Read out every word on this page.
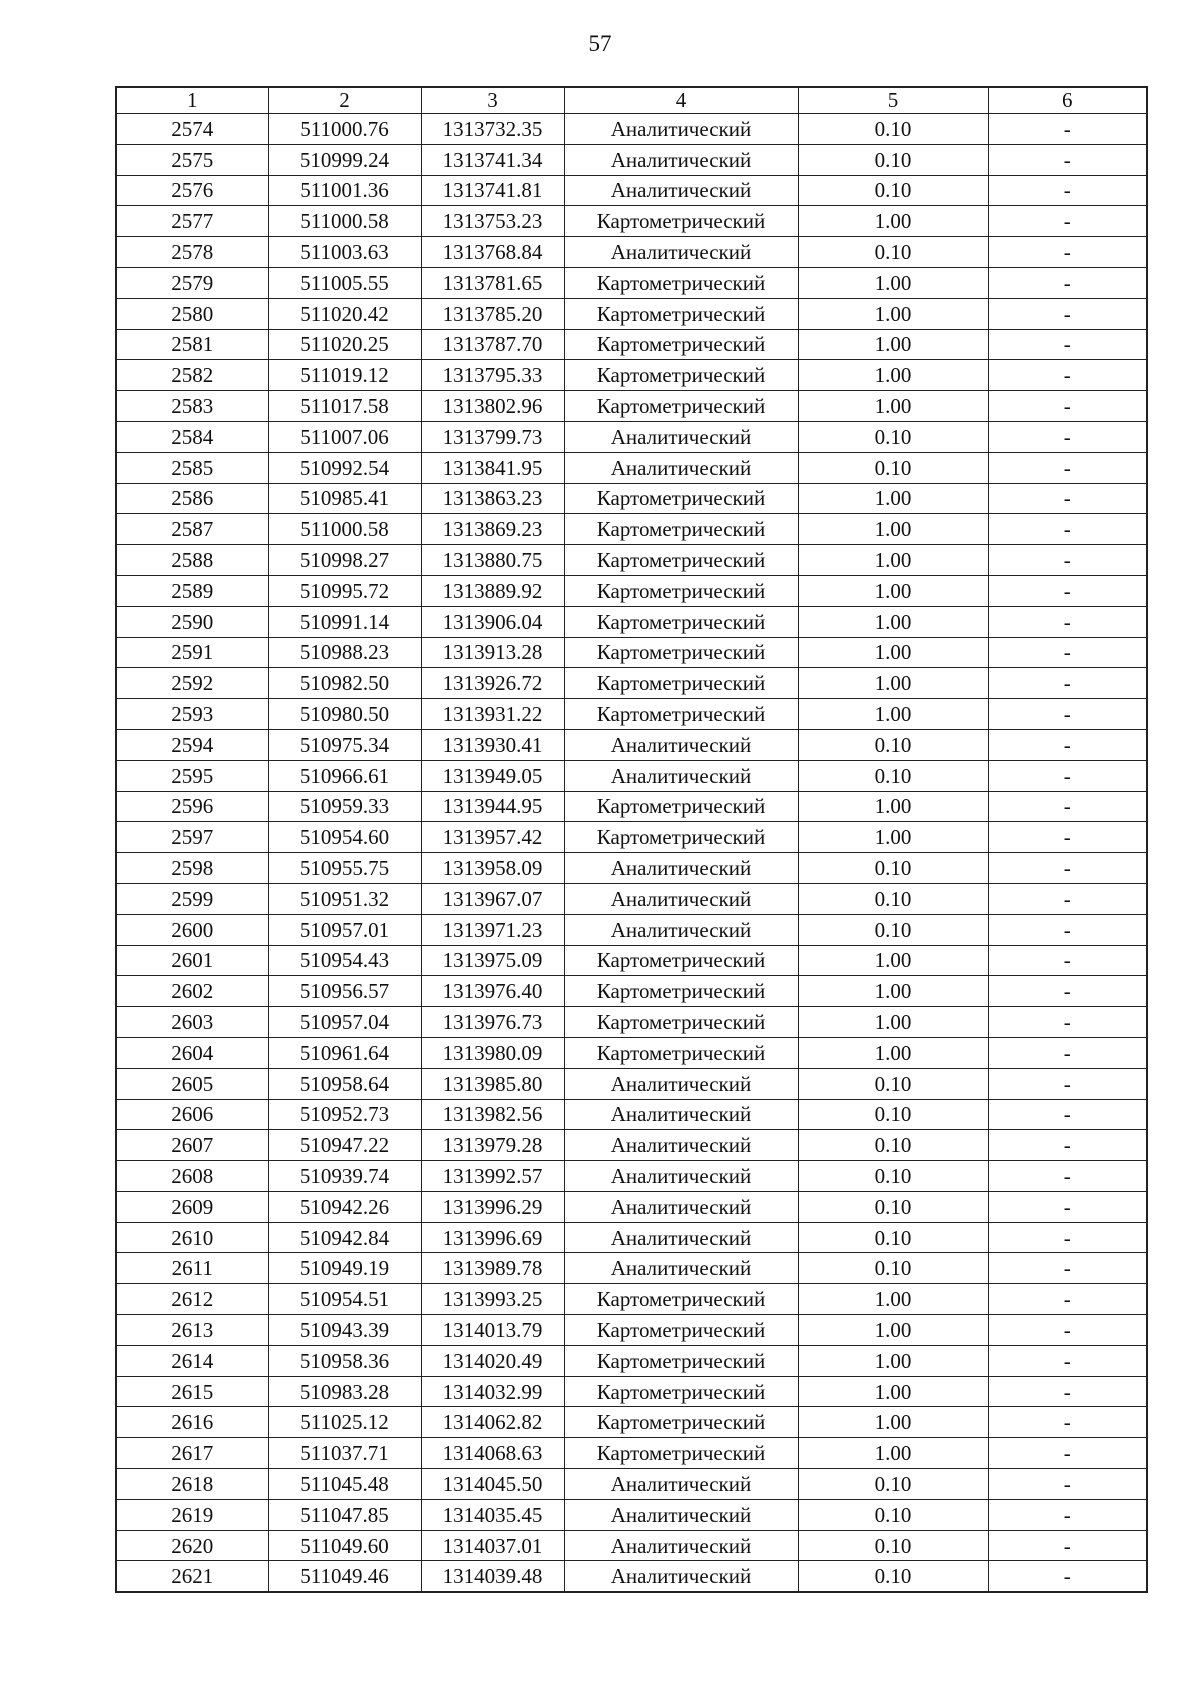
57
1	2	3	4	5	6
2574	511000.76	1313732.35	Аналитический	0.10	-
2575	510999.24	1313741.34	Аналитический	0.10	-
2576	511001.36	1313741.81	Аналитический	0.10	-
2577	511000.58	1313753.23	Картометрический	1.00	-
2578	511003.63	1313768.84	Аналитический	0.10	-
2579	511005.55	1313781.65	Картометрический	1.00	-
2580	511020.42	1313785.20	Картометрический	1.00	-
2581	511020.25	1313787.70	Картометрический	1.00	-
2582	511019.12	1313795.33	Картометрический	1.00	-
2583	511017.58	1313802.96	Картометрический	1.00	-
2584	511007.06	1313799.73	Аналитический	0.10	-
2585	510992.54	1313841.95	Аналитический	0.10	-
2586	510985.41	1313863.23	Картометрический	1.00	-
2587	511000.58	1313869.23	Картометрический	1.00	-
2588	510998.27	1313880.75	Картометрический	1.00	-
2589	510995.72	1313889.92	Картометрический	1.00	-
2590	510991.14	1313906.04	Картометрический	1.00	-
2591	510988.23	1313913.28	Картометрический	1.00	-
2592	510982.50	1313926.72	Картометрический	1.00	-
2593	510980.50	1313931.22	Картометрический	1.00	-
2594	510975.34	1313930.41	Аналитический	0.10	-
2595	510966.61	1313949.05	Аналитический	0.10	-
2596	510959.33	1313944.95	Картометрический	1.00	-
2597	510954.60	1313957.42	Картометрический	1.00	-
2598	510955.75	1313958.09	Аналитический	0.10	-
2599	510951.32	1313967.07	Аналитический	0.10	-
2600	510957.01	1313971.23	Аналитический	0.10	-
2601	510954.43	1313975.09	Картометрический	1.00	-
2602	510956.57	1313976.40	Картометрический	1.00	-
2603	510957.04	1313976.73	Картометрический	1.00	-
2604	510961.64	1313980.09	Картометрический	1.00	-
2605	510958.64	1313985.80	Аналитический	0.10	-
2606	510952.73	1313982.56	Аналитический	0.10	-
2607	510947.22	1313979.28	Аналитический	0.10	-
2608	510939.74	1313992.57	Аналитический	0.10	-
2609	510942.26	1313996.29	Аналитический	0.10	-
2610	510942.84	1313996.69	Аналитический	0.10	-
2611	510949.19	1313989.78	Аналитический	0.10	-
2612	510954.51	1313993.25	Картометрический	1.00	-
2613	510943.39	1314013.79	Картометрический	1.00	-
2614	510958.36	1314020.49	Картометрический	1.00	-
2615	510983.28	1314032.99	Картометрический	1.00	-
2616	511025.12	1314062.82	Картометрический	1.00	-
2617	511037.71	1314068.63	Картометрический	1.00	-
2618	511045.48	1314045.50	Аналитический	0.10	-
2619	511047.85	1314035.45	Аналитический	0.10	-
2620	511049.60	1314037.01	Аналитический	0.10	-
2621	511049.46	1314039.48	Аналитический	0.10	-
